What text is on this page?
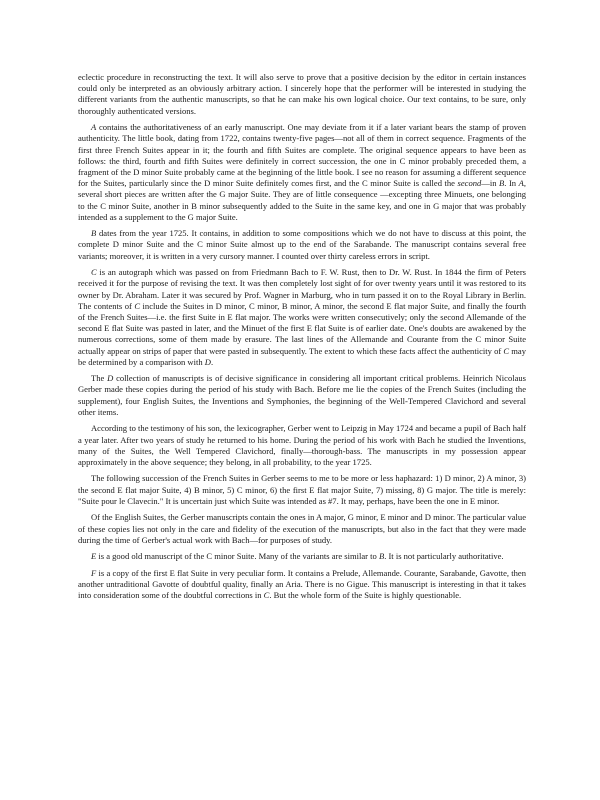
eclectic procedure in reconstructing the text. It will also serve to prove that a positive decision by the editor in certain instances could only be interpreted as an obviously arbitrary action. I sincerely hope that the performer will be interested in studying the different variants from the authentic manuscripts, so that he can make his own logical choice. Our text contains, to be sure, only thoroughly authenticated versions.

A contains the authoritativeness of an early manuscript. One may deviate from it if a later variant bears the stamp of proven authenticity. The little book, dating from 1722, contains twenty-five pages—not all of them in correct sequence. Fragments of the first three French Suites appear in it; the fourth and fifth Suites are complete. The original sequence appears to have been as follows: the third, fourth and fifth Suites were definitely in correct succession, the one in C minor probably preceded them, a fragment of the D minor Suite probably came at the beginning of the little book. I see no reason for assuming a different sequence for the Suites, particularly since the D minor Suite definitely comes first, and the C minor Suite is called the second—in B. In A, several short pieces are written after the G major Suite. They are of little consequence —excepting three Minuets, one belonging to the C minor Suite, another in B minor subsequently added to the Suite in the same key, and one in G major that was probably intended as a supplement to the G major Suite.

B dates from the year 1725. It contains, in addition to some compositions which we do not have to discuss at this point, the complete D minor Suite and the C minor Suite almost up to the end of the Sarabande. The manuscript contains several free variants; moreover, it is written in a very cursory manner. I counted over thirty careless errors in script.

C is an autograph which was passed on from Friedmann Bach to F. W. Rust, then to Dr. W. Rust. In 1844 the firm of Peters received it for the purpose of revising the text. It was then completely lost sight of for over twenty years until it was restored to its owner by Dr. Abraham. Later it was secured by Prof. Wagner in Marburg, who in turn passed it on to the Royal Library in Berlin. The contents of C include the Suites in D minor, C minor, B minor, A minor, the second E flat major Suite, and finally the fourth of the French Suites—i.e. the first Suite in E flat major. The works were written consecutively; only the second Allemande of the second E flat Suite was pasted in later, and the Minuet of the first E flat Suite is of earlier date. One's doubts are awakened by the numerous corrections, some of them made by erasure. The last lines of the Allemande and Courante from the C minor Suite actually appear on strips of paper that were pasted in subsequently. The extent to which these facts affect the authenticity of C may be determined by a comparison with D.

The D collection of manuscripts is of decisive significance in considering all important critical problems. Heinrich Nicolaus Gerber made these copies during the period of his study with Bach. Before me lie the copies of the French Suites (including the supplement), four English Suites, the Inventions and Symphonies, the beginning of the Well-Tempered Clavichord and several other items.

According to the testimony of his son, the lexicographer, Gerber went to Leipzig in May 1724 and became a pupil of Bach half a year later. After two years of study he returned to his home. During the period of his work with Bach he studied the Inventions, many of the Suites, the Well Tempered Clavichord, finally—thorough-bass. The manuscripts in my possession appear approximately in the above sequence; they belong, in all probability, to the year 1725.

The following succession of the French Suites in Gerber seems to me to be more or less haphazard: 1) D minor, 2) A minor, 3) the second E flat major Suite, 4) B minor, 5) C minor, 6) the first E flat major Suite, 7) missing, 8) G major. The title is merely: "Suite pour le Clavecin." It is uncertain just which Suite was intended as #7. It may, perhaps, have been the one in E minor.

Of the English Suites, the Gerber manuscripts contain the ones in A major, G minor, E minor and D minor. The particular value of these copies lies not only in the care and fidelity of the execution of the manuscripts, but also in the fact that they were made during the time of Gerber's actual work with Bach—for purposes of study.

E is a good old manuscript of the C minor Suite. Many of the variants are similar to B. It is not particularly authoritative.

F is a copy of the first E flat Suite in very peculiar form. It contains a Prelude, Allemande. Courante, Sarabande, Gavotte, then another untraditional Gavotte of doubtful quality, finally an Aria. There is no Gigue. This manuscript is interesting in that it takes into consideration some of the doubtful corrections in C. But the whole form of the Suite is highly questionable.
